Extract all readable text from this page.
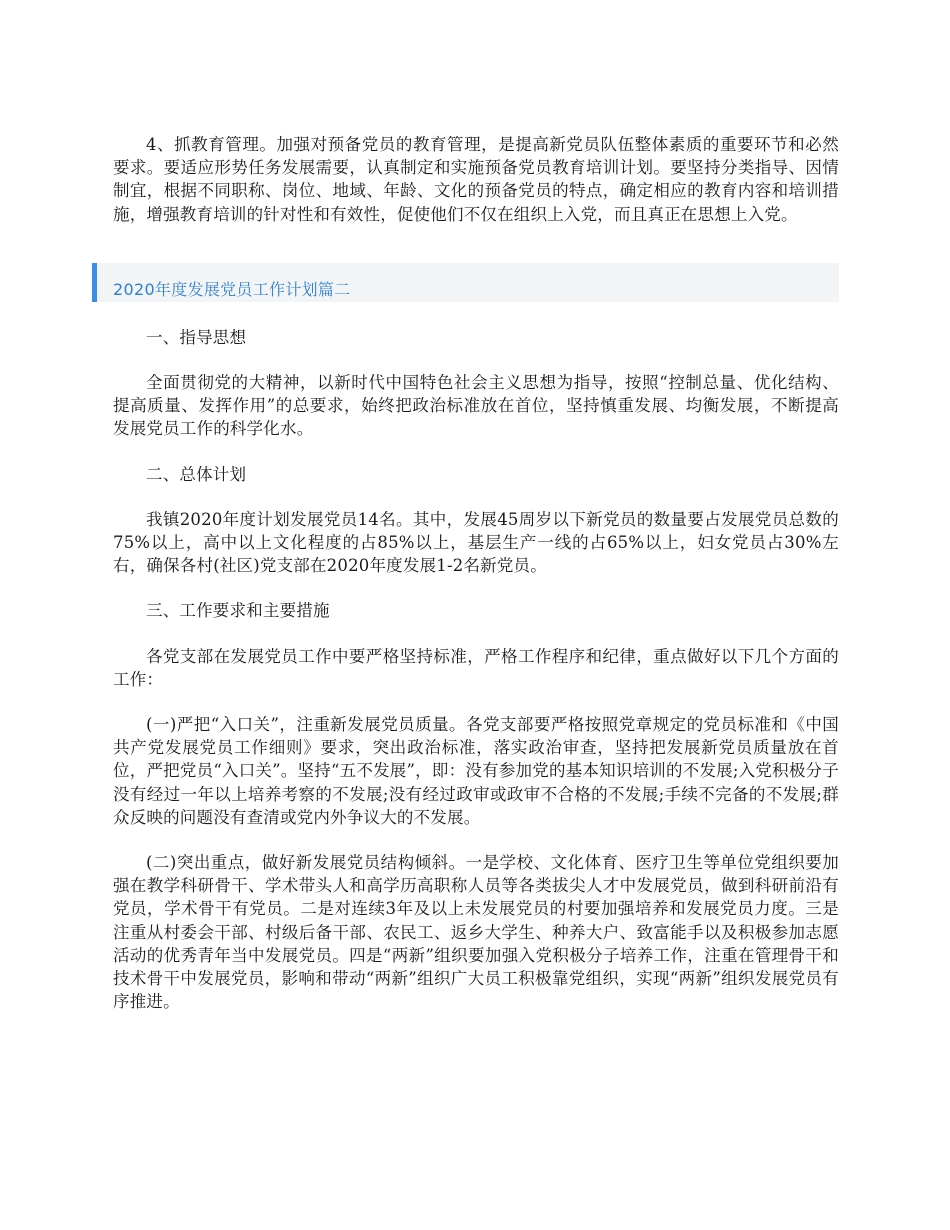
4、抓教育管理。加强对预备党员的教育管理，是提高新党员队伍整体素质的重要环节和必然要求。要适应形势任务发展需要，认真制定和实施预备党员教育培训计划。要坚持分类指导、因情制宜，根据不同职称、岗位、地域、年龄、文化的预备党员的特点，确定相应的教育内容和培训措施，增强教育培训的针对性和有效性，促使他们不仅在组织上入党，而且真正在思想上入党。

2020年度发展党员工作计划篇二

一、指导思想

全面贯彻党的大精神，以新时代中国特色社会主义思想为指导，按照“控制总量、优化结构、提高质量、发挥作用”的总要求，始终把政治标准放在首位，坚持慎重发展、均衡发展，不断提高发展党员工作的科学化水。

二、总体计划

我镇2020年度计划发展党员14名。其中，发展45周岁以下新党员的数量要占发展党员总数的75%以上，高中以上文化程度的占85%以上，基层生产一线的占65%以上，妇女党员占30%左右，确保各村(社区)党支部在2020年度发展1-2名新党员。

三、工作要求和主要措施

各党支部在发展党员工作中要严格坚持标准，严格工作程序和纪律，重点做好以下几个方面的工作：

(一)严把“入口关”，注重新发展党员质量。各党支部要严格按照党章规定的党员标准和《中国共产党发展党员工作细则》要求，突出政治标准，落实政治审查，坚持把发展新党员质量放在首位，严把党员“入口关”。坚持“五不发展”，即：没有参加党的基本知识培训的不发展;入党积极分子没有经过一年以上培养考察的不发展;没有经过政审或政审不合格的不发展;手续不完备的不发展;群众反映的问题没有查清或党内外争议大的不发展。

(二)突出重点，做好新发展党员结构倾斜。一是学校、文化体育、医疗卫生等单位党组织要加强在教学科研骨干、学术带头人和高学历高职称人员等各类拔尖人才中发展党员，做到科研前沿有党员，学术骨干有党员。二是对连续3年及以上未发展党员的村要加强培养和发展党员力度。三是注重从村委会干部、村级后备干部、农民工、返乡大学生、种养大户、致富能手以及积极参加志愿活动的优秀青年当中发展党员。四是“两新”组织要加强入党积极分子培养工作，注重在管理骨干和技术骨干中发展党员，影响和带动“两新”组织广大员工积极靠党组织，实现“两新”组织发展党员有序推进。
